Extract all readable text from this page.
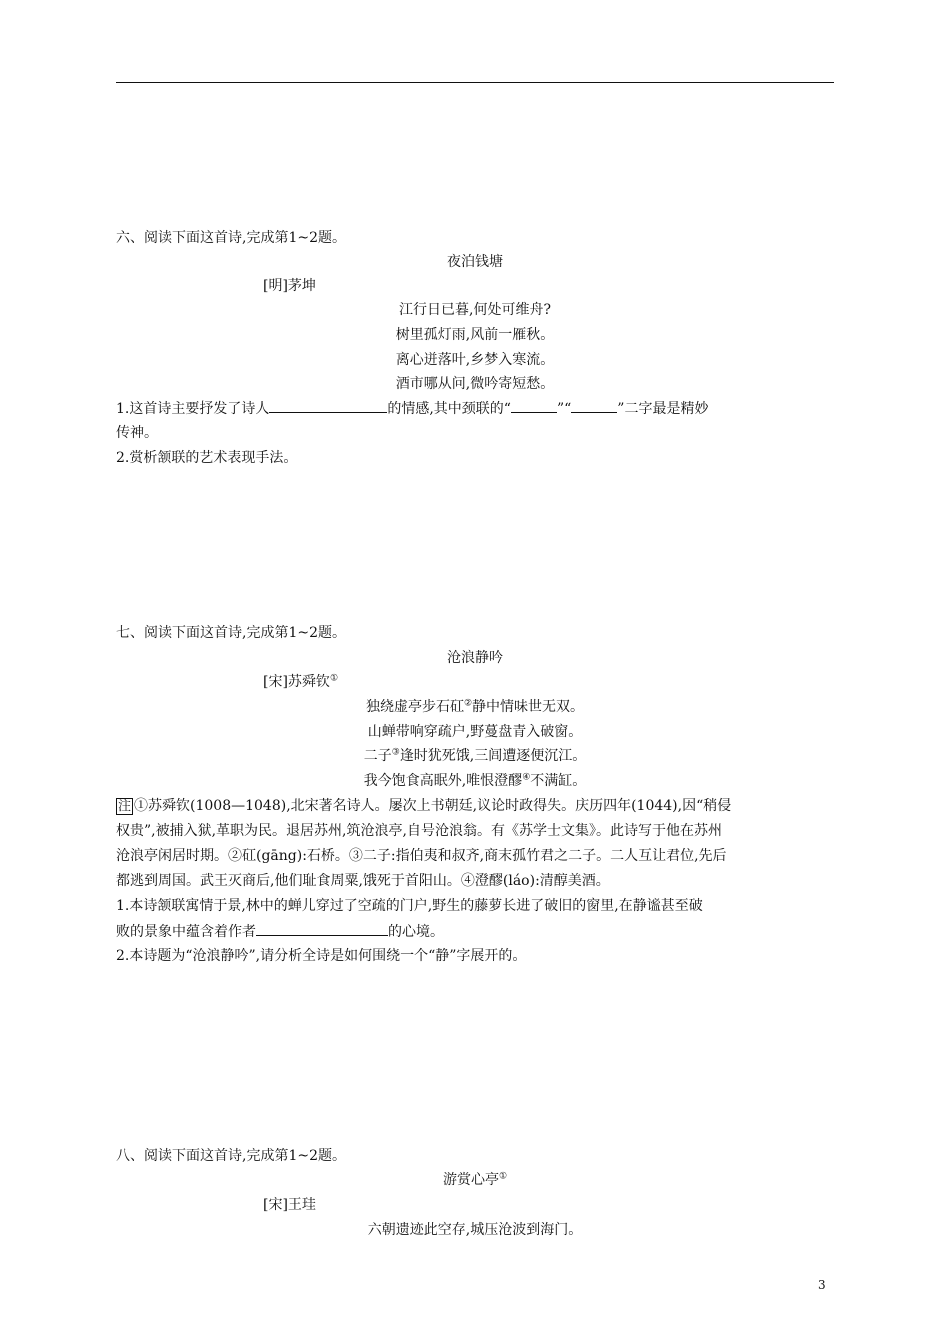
六、阅读下面这首诗,完成第1~2题。
夜泊钱塘
[明]茅坤
江行日已暮,何处可维舟?
树里孤灯雨,风前一雁秋。
离心迸落叶,乡梦入寒流。
酒市哪从问,微吟寄短愁。
1.这首诗主要抒发了诗人	的情感,其中颈联的“	”“	”二字最是精妙
传神。
2.赏析颔联的艺术表现手法。
七、阅读下面这首诗,完成第1~2题。
沧浪静吟
[宋]苏舜钦①
独绕虚亭步石矼②静中情味世无双。
山蝉带响穿疏户,野蔓盘青入破窗。
二子③逢时犹死饿,三闾遭逐便沉江。
我今饱食高眠外,唯恨澄醪④不满缸。
注 ①苏舜钦(1008—1048),北宋著名诗人。屡次上书朝廷,议论时政得失。庆历四年(1044),因“稍侵
权贵”,被捕入狱,革职为民。退居苏州,筑沧浪亭,自号沧浪翁。有《苏学士文集》。此诗写于他在苏州
沧浪亭闲居时期。②矼(gāng):石桥。③二子:指伯夷和叔齐,商末孤竹君之二子。二人互让君位,先后
都逃到周国。武王灭商后,他们耻食周粟,饿死于首阳山。④澄醪(láo):清醇美酒。
1.本诗颔联寓情于景,林中的蝉儿穿过了空疏的门户,野生的藤萝长进了破旧的窗里,在静谧甚至破
败的景象中蕴含着作者	的心境。
2.本诗题为“沧浪静吟”,请分析全诗是如何围绕一个“静”字展开的。
八、阅读下面这首诗,完成第1~2题。
游赏心亭①
[宋]王珪
六朝遗迹此空存,城压沧波到海门。
3
